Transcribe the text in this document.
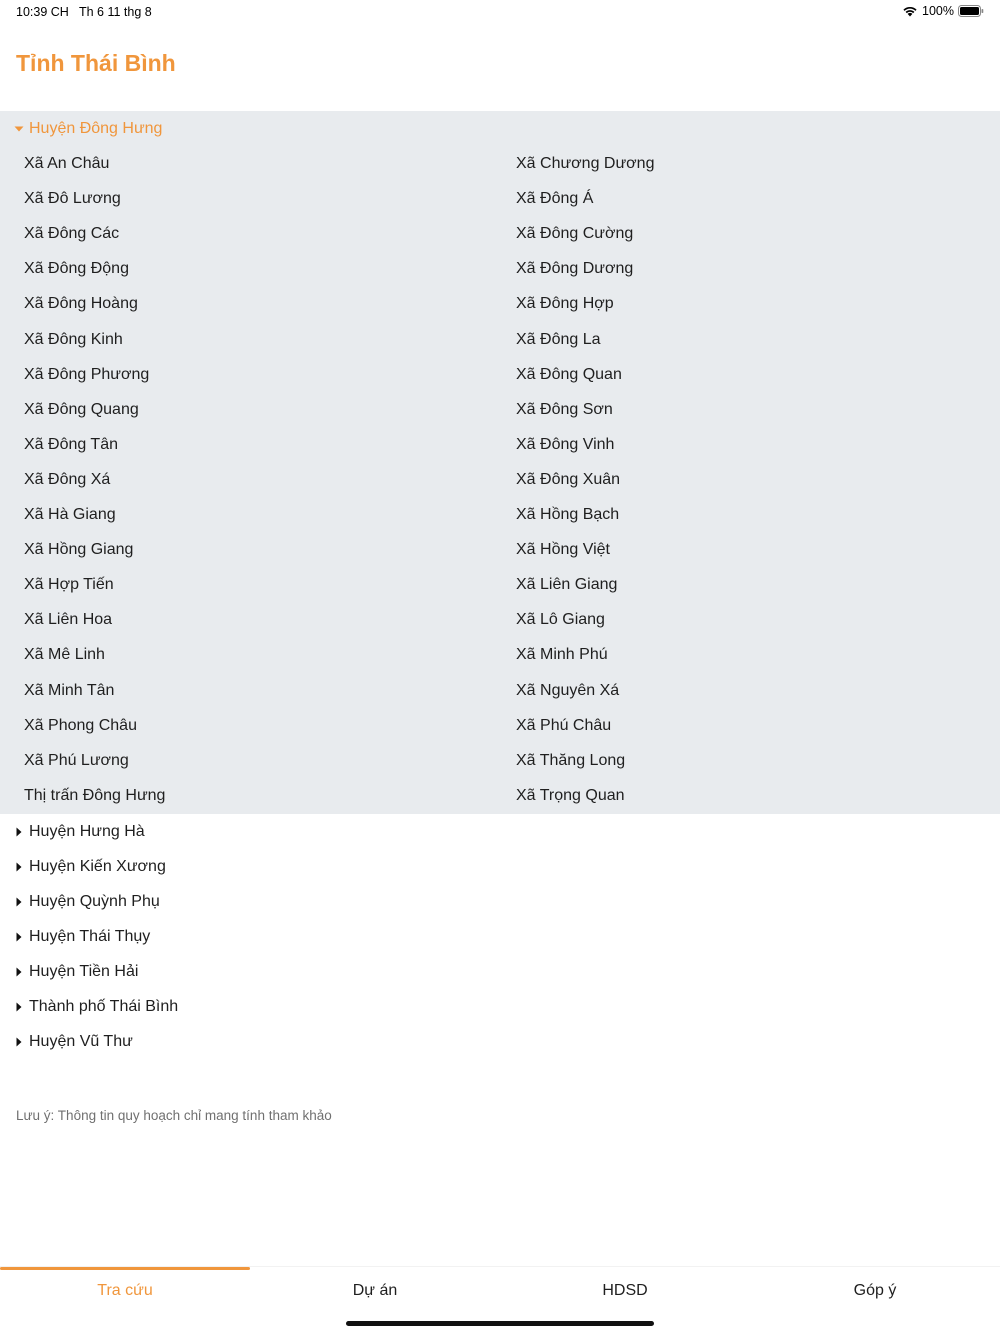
10:39 CH Th 6 11 thg 8	100%
Tỉnh Thái Bình
Huyện Đông Hưng
Xã An Châu	Xã Chương Dương
Xã Đô Lương	Xã Đông Á
Xã Đông Các	Xã Đông Cường
Xã Đông Động	Xã Đông Dương
Xã Đông Hoàng	Xã Đông Hợp
Xã Đông Kinh	Xã Đông La
Xã Đông Phương	Xã Đông Quan
Xã Đông Quang	Xã Đông Sơn
Xã Đông Tân	Xã Đông Vinh
Xã Đông Xá	Xã Đông Xuân
Xã Hà Giang	Xã Hồng Bạch
Xã Hồng Giang	Xã Hồng Việt
Xã Hợp Tiến	Xã Liên Giang
Xã Liên Hoa	Xã Lô Giang
Xã Mê Linh	Xã Minh Phú
Xã Minh Tân	Xã Nguyên Xá
Xã Phong Châu	Xã Phú Châu
Xã Phú Lương	Xã Thăng Long
Thị trấn Đông Hưng	Xã Trọng Quan
Huyện Hưng Hà
Huyện Kiến Xương
Huyện Quỳnh Phụ
Huyện Thái Thụy
Huyện Tiền Hải
Thành phố Thái Bình
Huyện Vũ Thư
Lưu ý: Thông tin quy hoạch chỉ mang tính tham khảo
Tra cứu	Dự án	HDSD	Góp ý
